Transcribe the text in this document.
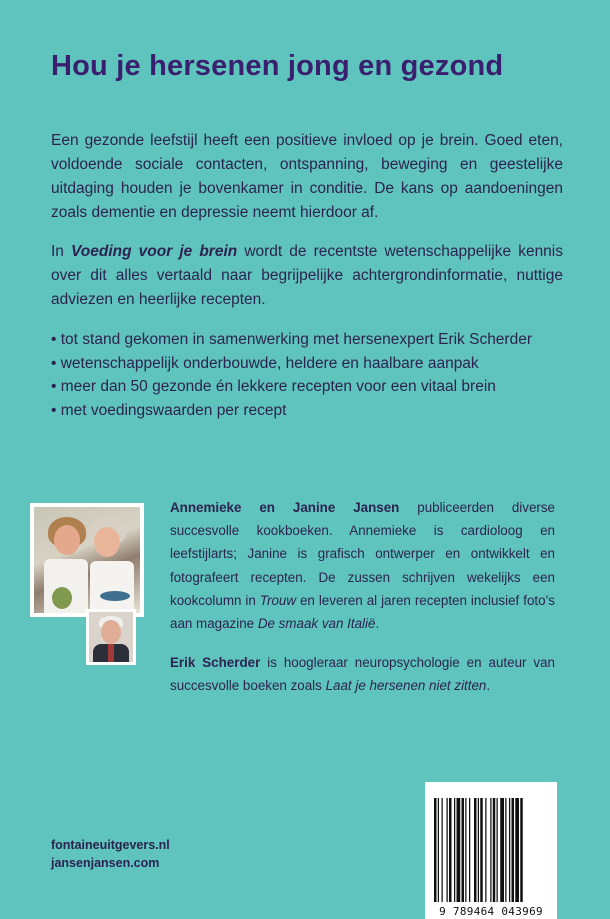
Hou je hersenen jong en gezond

Een gezonde leefstijl heeft een positieve invloed op je brein. Goed eten, voldoende sociale contacten, ontspanning, beweging en geestelijke uitdaging houden je bovenkamer in conditie. De kans op aandoeningen zoals dementie en depressie neemt hierdoor af.

In Voeding voor je brein wordt de recentste wetenschappelijke kennis over dit alles vertaald naar begrijpelijke achtergrondinformatie, nuttige adviezen en heerlijke recepten.

• tot stand gekomen in samenwerking met hersenexpert Erik Scherder
• wetenschappelijk onderbouwde, heldere en haalbare aanpak
• meer dan 50 gezonde én lekkere recepten voor een vitaal brein
• met voedingswaarden per recept

Annemieke en Janine Jansen publiceerden diverse succesvolle kookboeken. Annemieke is cardioloog en leefstijlarts; Janine is grafisch ontwerper en ontwikkelt en fotografeert recepten. De zussen schrijven wekelijks een kookcolumn in Trouw en leveren al jaren recepten inclusief foto’s aan magazine De smaak van Italië.

Erik Scherder is hoogleraar neuropsychologie en auteur van succesvolle boeken zoals Laat je hersenen niet zitten.

fontaineuitgevers.nl
jansenjansen.com
9 789464 043969
